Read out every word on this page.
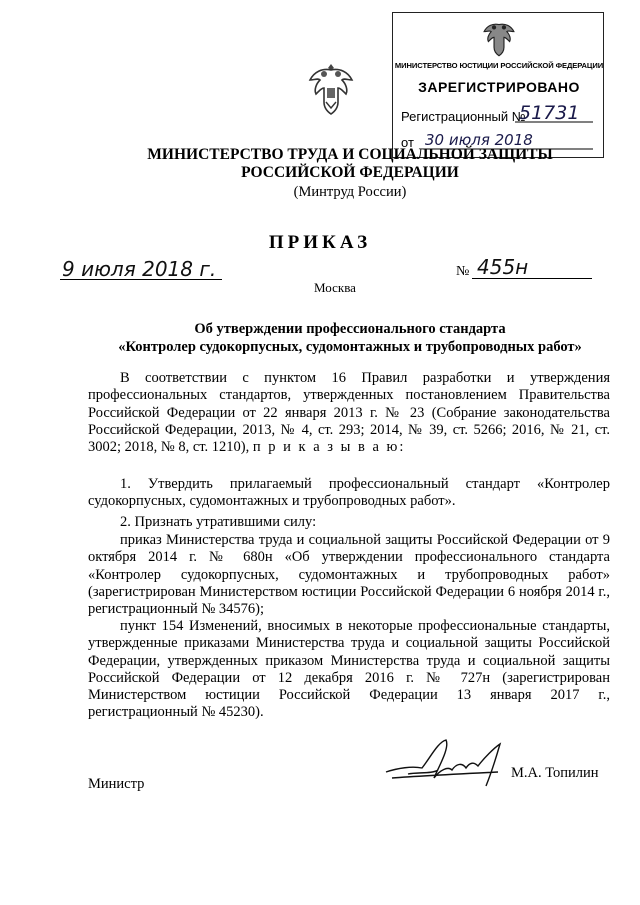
МИНИСТЕРСТВО ЮСТИЦИИ РОССИЙСКОЙ ФЕДЕРАЦИИ
ЗАРЕГИСТРИРОВАНО
Регистрационный №
51731
от 30 июля 2018
МИНИСТЕРСТВО ТРУДА И СОЦИАЛЬНОЙ ЗАЩИТЫ
РОССИЙСКОЙ ФЕДЕРАЦИИ
(Минтруд России)
ПРИКАЗ
9 июля 2018 г.	№ 455н
Москва
Об утверждении профессионального стандарта
«Контролер судокорпусных, судомонтажных и трубопроводных работ»
В соответствии с пунктом 16 Правил разработки и утверждения профессиональных стандартов, утвержденных постановлением Правительства Российской Федерации от 22 января 2013 г. № 23 (Собрание законодательства Российской Федерации, 2013, № 4, ст. 293; 2014, № 39, ст. 5266; 2016, № 21, ст. 3002; 2018, № 8, ст. 1210), п р и к а з ы в а ю:
1. Утвердить прилагаемый профессиональный стандарт «Контролер судокорпусных, судомонтажных и трубопроводных работ».
2. Признать утратившими силу:
приказ Министерства труда и социальной защиты Российской Федерации от 9 октября 2014 г. № 680н «Об утверждении профессионального стандарта «Контролер судокорпусных, судомонтажных и трубопроводных работ» (зарегистрирован Министерством юстиции Российской Федерации 6 ноября 2014 г., регистрационный № 34576);
пункт 154 Изменений, вносимых в некоторые профессиональные стандарты, утвержденные приказами Министерства труда и социальной защиты Российской Федерации, утвержденных приказом Министерства труда и социальной защиты Российской Федерации от 12 декабря 2016 г. № 727н (зарегистрирован Министерством юстиции Российской Федерации 13 января 2017 г., регистрационный № 45230).
Министр
М.А. Топилин
